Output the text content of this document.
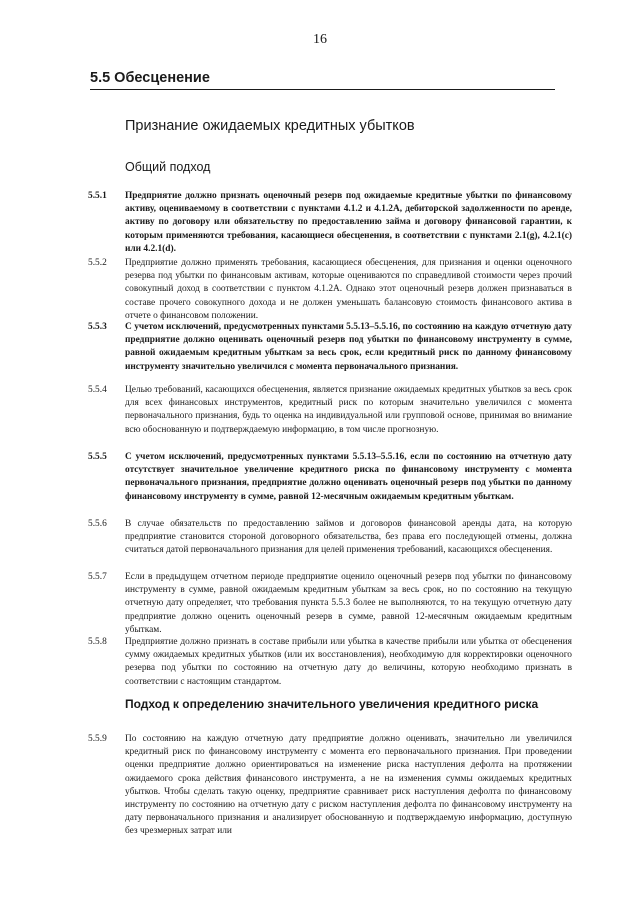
16
5.5 Обесценение
Признание ожидаемых кредитных убытков
Общий подход
5.5.1	Предприятие должно признать оценочный резерв под ожидаемые кредитные убытки по финансовому активу, оцениваемому в соответствии с пунктами 4.1.2 и 4.1.2А, дебиторской задолженности по аренде, активу по договору или обязательству по предоставлению займа и договору финансовой гарантии, к которым применяются требования, касающиеся обесценения, в соответствии с пунктами 2.1(g), 4.2.1(c) или 4.2.1(d).
5.5.2	Предприятие должно применять требования, касающиеся обесценения, для признания и оценки оценочного резерва под убытки по финансовым активам, которые оцениваются по справедливой стоимости через прочий совокупный доход в соответствии с пунктом 4.1.2А. Однако этот оценочный резерв должен признаваться в составе прочего совокупного дохода и не должен уменьшать балансовую стоимость финансового актива в отчете о финансовом положении.
5.5.3	С учетом исключений, предусмотренных пунктами 5.5.13–5.5.16, по состоянию на каждую отчетную дату предприятие должно оценивать оценочный резерв под убытки по финансовому инструменту в сумме, равной ожидаемым кредитным убыткам за весь срок, если кредитный риск по данному финансовому инструменту значительно увеличился с момента первоначального признания.
5.5.4	Целью требований, касающихся обесценения, является признание ожидаемых кредитных убытков за весь срок для всех финансовых инструментов, кредитный риск по которым значительно увеличился с момента первоначального признания, будь то оценка на индивидуальной или групповой основе, принимая во внимание всю обоснованную и подтверждаемую информацию, в том числе прогнозную.
5.5.5	С учетом исключений, предусмотренных пунктами 5.5.13–5.5.16, если по состоянию на отчетную дату отсутствует значительное увеличение кредитного риска по финансовому инструменту с момента первоначального признания, предприятие должно оценивать оценочный резерв под убытки по данному финансовому инструменту в сумме, равной 12-месячным ожидаемым кредитным убыткам.
5.5.6	В случае обязательств по предоставлению займов и договоров финансовой аренды дата, на которую предприятие становится стороной договорного обязательства, без права его последующей отмены, должна считаться датой первоначального признания для целей применения требований, касающихся обесценения.
5.5.7	Если в предыдущем отчетном периоде предприятие оценило оценочный резерв под убытки по финансовому инструменту в сумме, равной ожидаемым кредитным убыткам за весь срок, но по состоянию на текущую отчетную дату определяет, что требования пункта 5.5.3 более не выполняются, то на текущую отчетную дату предприятие должно оценить оценочный резерв в сумме, равной 12-месячным ожидаемым кредитным убыткам.
5.5.8	Предприятие должно признать в составе прибыли или убытка в качестве прибыли или убытка от обесценения сумму ожидаемых кредитных убытков (или их восстановления), необходимую для корректировки оценочного резерва под убытки по состоянию на отчетную дату до величины, которую необходимо признать в соответствии с настоящим стандартом.
Подход к определению значительного увеличения кредитного риска
5.5.9	По состоянию на каждую отчетную дату предприятие должно оценивать, значительно ли увеличился кредитный риск по финансовому инструменту с момента его первоначального признания. При проведении оценки предприятие должно ориентироваться на изменение риска наступления дефолта на протяжении ожидаемого срока действия финансового инструмента, а не на изменения суммы ожидаемых кредитных убытков. Чтобы сделать такую оценку, предприятие сравнивает риск наступления дефолта по финансовому инструменту по состоянию на отчетную дату с риском наступления дефолта по финансовому инструменту на дату первоначального признания и анализирует обоснованную и подтверждаемую информацию, доступную без чрезмерных затрат или
